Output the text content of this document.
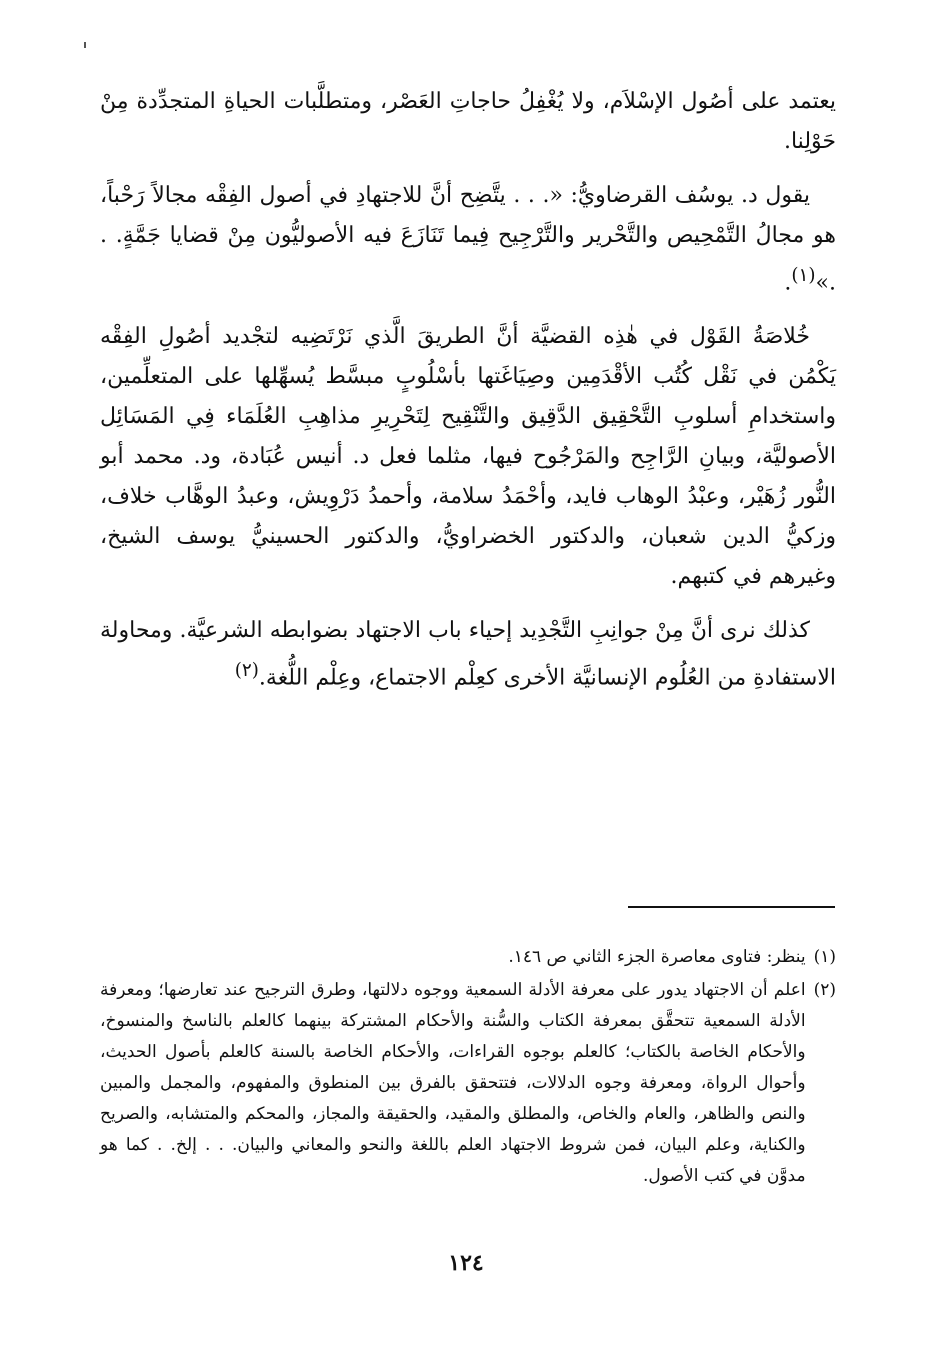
يعتمد على أصُول الإسْلاَم، ولا يُغْفِلُ حاجاتِ العَصْر، ومتطلَّبات الحياةِ المتجدِّدة مِنْ حَوْلِنا.

يقول د. يوسُف القرضاويُّ: «. . . يتَّضِح أنَّ للاجتهادِ في أصول الفِقْه مجالاً رَحْباً، هو مجالُ التَّمْحِيص والتَّحْرير والتَّرْجِيح فِيما تَنَازَعَ فيه الأصوليُّون مِنْ قضايا جَمَّةٍ. . .»$^{(١)}$.

خُلاصَةُ القَوْل في هٰذِه القضيَّة أنَّ الطريقَ الَّذي نَرْتَضِيه لتجْديد أصُولِ الفِقْه يَكْمُن في نَقْل كُتُب الأقْدَمِين وصِيَاغَتها بأسْلُوبٍ مبسَّط يُسهِّلها على المتعلِّمين، واستخدامِ أسلوبِ التَّحْقِيق الدَّقِيق والتَّنْقِيح لِتَحْرِيرِ مذاهِبِ العُلَمَاء فِي المَسَائِل الأصوليَّة، وبيانِ الرَّاجِح والمَرْجُوح فيها، مثلما فعل د. أنيس عُبَادة، ود. محمد أبو النُّور زُهَيْر، وعبْدُ الوهاب فايد، وأحْمَدُ سلامة، وأحمدُ دَرْوِيش، وعبدُ الوهَّاب خلاف، وزكيُّ الدين شعبان، والدكتور الخضراويُّ، والدكتور الحسينيُّ يوسف الشيخ، وغيرهم في كتبهم.

كذلك نرى أنَّ مِنْ جوانِبِ التَّجْدِيد إحياء باب الاجتهاد بضوابطه الشرعيَّة. ومحاولة الاستفادةِ من العُلُوم الإنسانيَّة الأخرى كعِلْم الاجتماع، وعِلْم اللُّغة.$^{(٢)}$

(١)
ينظر: فتاوى معاصرة الجزء الثاني ص ١٤٦.
(٢)
اعلم أن الاجتهاد يدور على معرفة الأدلة السمعية ووجوه دلالتها، وطرق الترجيح عند تعارضها؛ ومعرفة الأدلة السمعية تتحقَّق بمعرفة الكتاب والسُّنة والأحكام المشتركة بينهما كالعلم بالناسخ والمنسوخ، والأحكام الخاصة بالكتاب؛ كالعلم بوجوه القراءات، والأحكام الخاصة بالسنة كالعلم بأصول الحديث، وأحوال الرواة، ومعرفة وجوه الدلالات، فتتحقق بالفرق بين المنطوق والمفهوم، والمجمل والمبين والنص والظاهر، والعام والخاص، والمطلق والمقيد، والحقيقة والمجاز، والمحكم والمتشابه، والصريح والكناية، وعلم البيان، فمن شروط الاجتهاد العلم باللغة والنحو والمعاني والبيان. . . إلخ. . كما هو مدوَّن في كتب الأصول.
١٢٤
